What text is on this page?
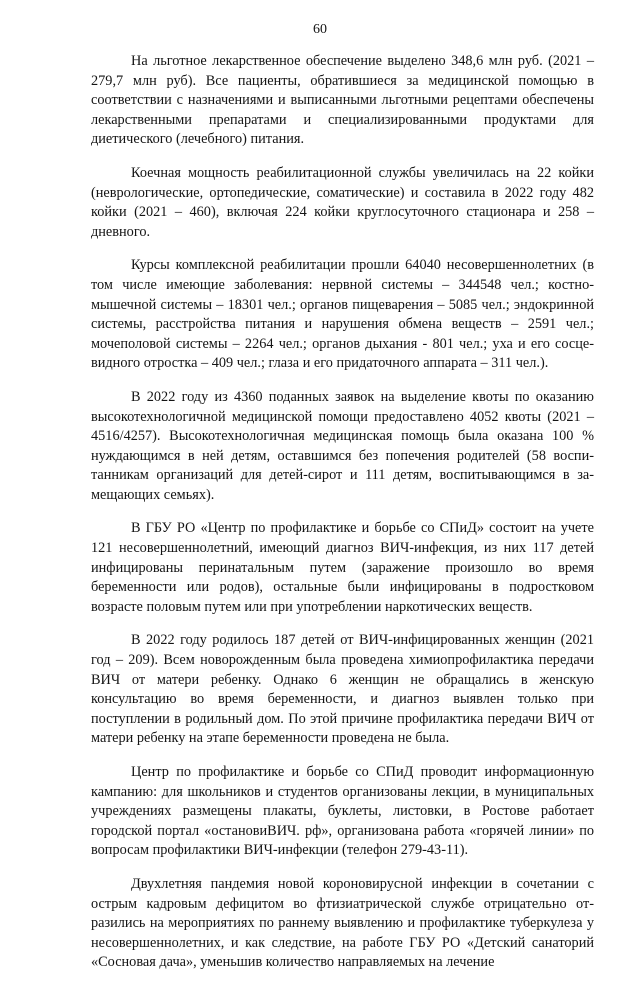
60

На льготное лекарственное обеспечение выделено 348,6 млн руб. (2021 – 279,7 млн руб). Все пациенты, обратившиеся за медицинской помощью в соответствии с назначениями и выписанными льготными рецептами обеспечены лекарственными препаратами и специализированными продуктами для диетического (лечебного) питания.

Коечная мощность реабилитационной службы увеличилась на 22 койки (неврологические, ортопедические, соматические) и составила в 2022 году 482 койки (2021 – 460), включая 224 койки круглосуточного стационара и 258 – дневного.

Курсы комплексной реабилитации прошли 64040 несовершеннолетних (в том числе имеющие заболевания: нервной системы – 344548 чел.; костномышечной системы – 18301 чел.; органов пищеварения – 5085 чел.; эндокринной системы, расстройства питания и нарушения обмена веществ – 2591 чел.; мочеполовой системы – 2264 чел.; органов дыхания - 801 чел.; уха и его сосцевидного отростка – 409 чел.; глаза и его придаточного аппарата – 311 чел.).

В 2022 году из 4360 поданных заявок на выделение квоты по оказанию высокотехнологичной медицинской помощи предоставлено 4052 квоты (2021 – 4516/4257). Высокотехнологичная медицинская помощь была оказана 100 % нуждающимся в ней детям, оставшимся без попечения родителей (58 воспитанникам организаций для детей-сирот и 111 детям, воспитывающимся в замещающих семьях).

В ГБУ РО «Центр по профилактике и борьбе со СПиД» состоит на учете 121 несовершеннолетний, имеющий диагноз ВИЧ-инфекция, из них 117 детей инфицированы перинатальным путем (заражение произошло во время беременности или родов), остальные были инфицированы в подростковом возрасте половым путем или при употреблении наркотических веществ.

В 2022 году родилось 187 детей от ВИЧ-инфицированных женщин (2021 год – 209). Всем новорожденным была проведена химиопрофилактика передачи ВИЧ от матери ребенку. Однако 6 женщин не обращались в женскую консультацию во время беременности, и диагноз выявлен только при поступлении в родильный дом. По этой причине профилактика передачи ВИЧ от матери ребенку на этапе беременности проведена не была.

Центр по профилактике и борьбе со СПиД проводит информационную кампанию: для школьников и студентов организованы лекции, в муниципальных учреждениях размещены плакаты, буклеты, листовки, в Ростове работает городской портал «остановиВИЧ. рф», организована работа «горячей линии» по вопросам профилактики ВИЧ-инфекции (телефон 279-43-11).

Двухлетняя пандемия новой короновирусной инфекции в сочетании с острым кадровым дефицитом во фтизиатрической службе отрицательно отразились на мероприятиях по раннему выявлению и профилактике туберкулеза у несовершеннолетних, и как следствие, на работе ГБУ РО «Детский санаторий «Сосновая дача», уменьшив количество направляемых на лечение
